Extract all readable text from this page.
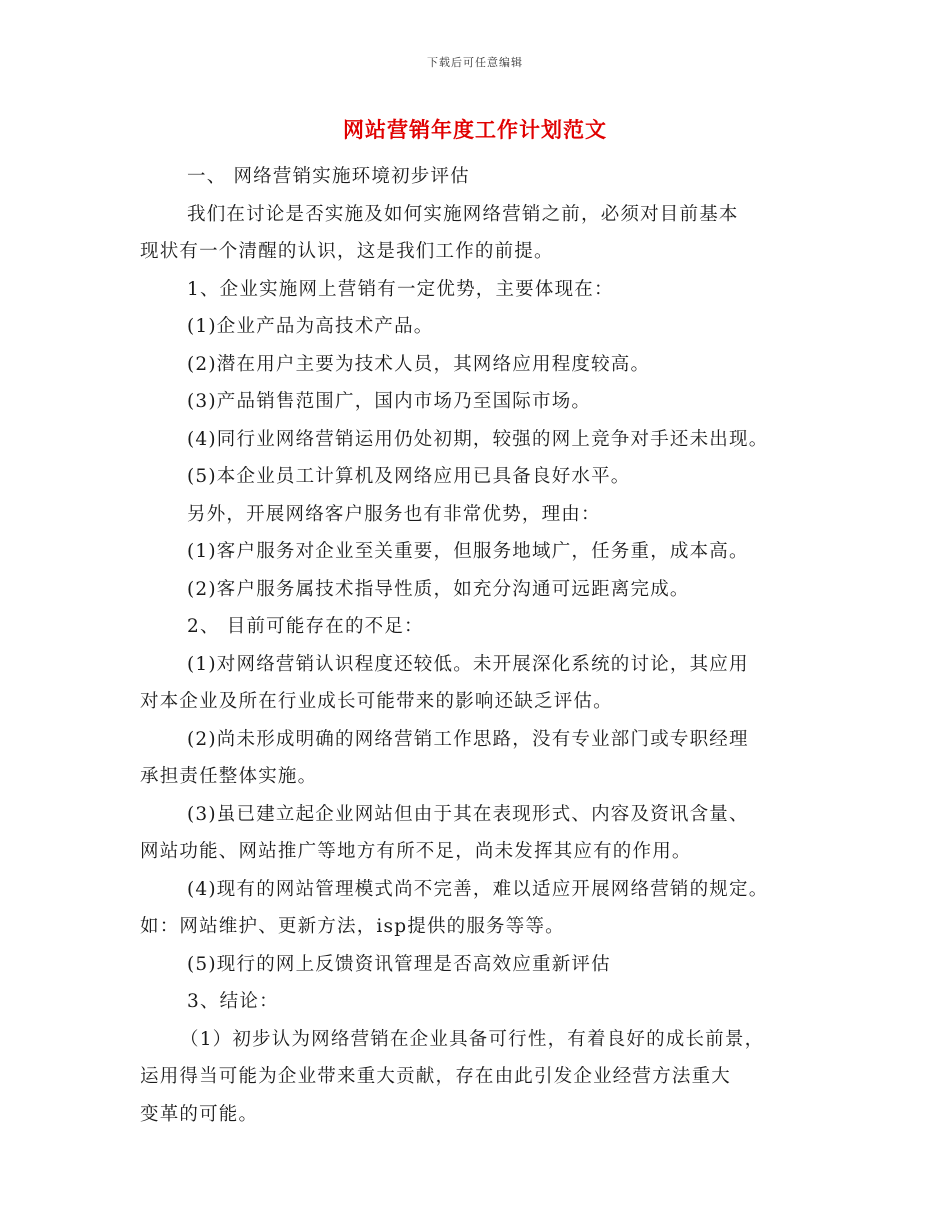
下载后可任意编辑
网站营销年度工作计划范文
一、 网络营销实施环境初步评估
我们在讨论是否实施及如何实施网络营销之前，必须对目前基本
现状有一个清醒的认识，这是我们工作的前提。
1、企业实施网上营销有一定优势，主要体现在：
(1)企业产品为高技术产品。
(2)潜在用户主要为技术人员，其网络应用程度较高。
(3)产品销售范围广，国内市场乃至国际市场。
(4)同行业网络营销运用仍处初期，较强的网上竞争对手还未出现。
(5)本企业员工计算机及网络应用已具备良好水平。
另外，开展网络客户服务也有非常优势，理由：
(1)客户服务对企业至关重要，但服务地域广，任务重，成本高。
(2)客户服务属技术指导性质，如充分沟通可远距离完成。
2、 目前可能存在的不足：
(1)对网络营销认识程度还较低。未开展深化系统的讨论，其应用
对本企业及所在行业成长可能带来的影响还缺乏评估。
(2)尚未形成明确的网络营销工作思路，没有专业部门或专职经理
承担责任整体实施。
(3)虽已建立起企业网站但由于其在表现形式、内容及资讯含量、
网站功能、网站推广等地方有所不足，尚未发挥其应有的作用。
(4)现有的网站管理模式尚不完善，难以适应开展网络营销的规定。
如：网站维护、更新方法，isp提供的服务等等。
(5)现行的网上反馈资讯管理是否高效应重新评估
3、结论：
（1）初步认为网络营销在企业具备可行性，有着良好的成长前景，
运用得当可能为企业带来重大贡献，存在由此引发企业经营方法重大
变革的可能。
